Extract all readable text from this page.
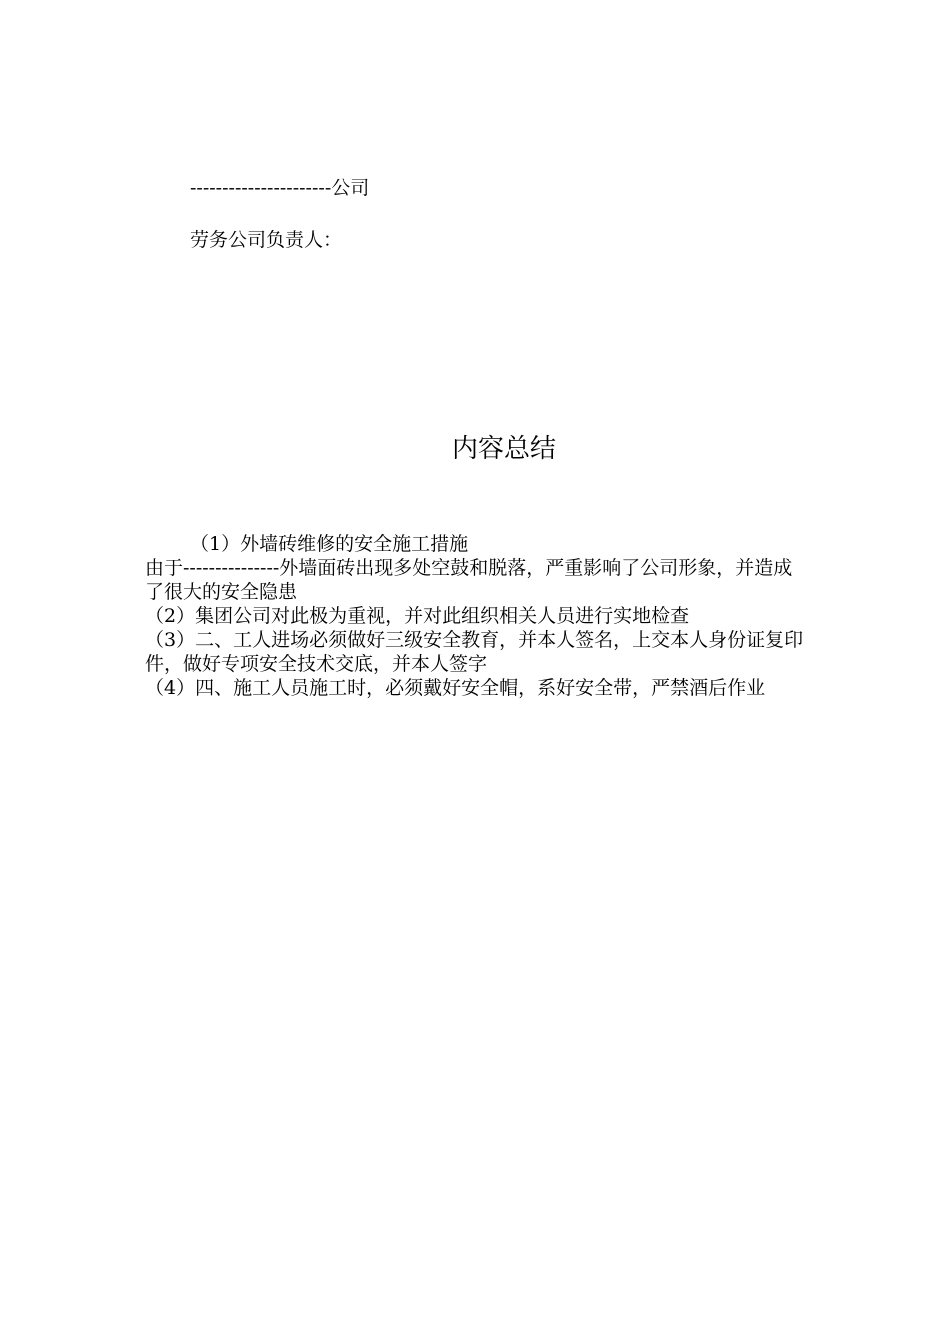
----------------------公司
劳务公司负责人：
内容总结

（1）外墙砖维修的安全施工措施

由于---------------外墙面砖出现多处空鼓和脱落，严重影响了公司形象，并造成了很大的安全隐患

（2）集团公司对此极为重视，并对此组织相关人员进行实地检查

（3）二、工人进场必须做好三级安全教育，并本人签名，上交本人身份证复印件，做好专项安全技术交底，并本人签字

（4）四、施工人员施工时，必须戴好安全帽，系好安全带，严禁酒后作业
